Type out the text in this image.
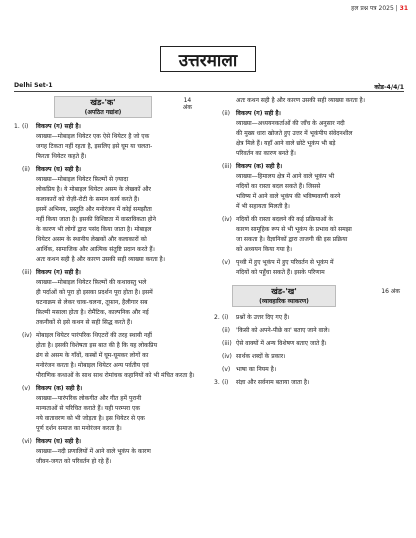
हल प्रश्न पत्र 2025 | 31
उत्तरमाला
Delhi Set-1	कोड-4/4/1
खंड-'क'
(अपठित गद्यांश)
14
अंक
1. (i) विकल्प (ग) सही है।
व्याख्या—मोबाइल थियेटर एक ऐसे थियेटर है जो एक
जगह टिकता नहीं रहता है, इसलिए इसे घूम या चलता-
फिरता थियेटर कहते हैं।
(ii) विकल्प (घ) सही है।
व्याख्या—मोबाइल थियेटर फ़िल्मों से ज़्यादा
लोकप्रिय है। ये मोबाइल थियेटर असम के लेखकों और
कलाकारों को रोज़ी-रोटी के समान कार्य करते हैं।
इसमें अभिनय, प्रस्तुति और मनोरंजन में कोई समझौता
नहीं किया जाता है। इसकी विशिष्टता में वास्तविकता होने
के कारण भी लोगों द्वारा पसंद किया जाता है। मोबाइल
थियेटर असम के स्थानीय लेखकों और कलाकारों को
आर्थिक, सामाजिक और आत्मिक संतुष्टि प्रदान करते हैं।
अतः कथन सही है और कारण उसकी सही व्याख्या करता है।
(iii) विकल्प (ग) सही है।
व्याख्या—मोबाइल थियेटर फ़िल्मों की कथावस्तु भले
ही पर्दाओं को पूरा हो इसका प्रदर्शन पूरा होता है। इसमें
घटनाक्रम से लेकर चाक-चलना, तूफ़ान, हैलीगार सब
फ़िल्मी मसाला होता है। रोमैंटिक, काल्पनिक और नई
तकनीकों से इसे कथन से सही सिद्ध करते हैं।
(iv) मोबाइल थियेटर पारंपरिक थिएटरों की तरह स्थायी नहीं
होता है। इसकी विशेषता इस बात की है कि यह लोकप्रिय
ढंग से असम के गाँवों, कस्बों में घूम-घूमकर लोगों का
मनोरंजन करता है। मोबाइल थियेटर अन्य पर्वतीय एवं
पौराणिक कथाओं के साथ साथ रोमांचक कहानियों को भी मंचित करता है।
(v) विकल्प (क) सही है।
व्याख्या—पारंपरिक लोकगीत और गीत हमें पुरानी
मान्यताओं से परिचित कराते हैं। यही परम्परा एक
नये वातावरण को भी जोड़ता है। इस थियेटर से एक
पूर्ण दर्शन समाज का मनोरंजन करता है।
(vi) विकल्प (घ) सही है।
व्याख्या—नदी प्रणालियों में आने वाले भूकंप के कारण
जीवन-जगत को परिवर्तन हो रहे हैं।
अतः कथन सही है और कारण उसकी सही व्याख्या करता है।
(ii) विकल्प (ग) सही है।
व्याख्या—अध्ययनकर्ताओं की जाँच के अनुसार नदी
की मुख्य धारा खोजते हुए उत्तर में भूकंपीय संवेदनशील
क्षेत्र मिले हैं। यहाँ आने वाले छोटे भूकंप भी बड़े
परिवर्तन का कारण बनते हैं।
(iii) विकल्प (क) सही है।
व्याख्या—हिमालय क्षेत्र में आने वाले भूकंप भी
नदियों का रास्ता बदल सकते हैं। जिससे
भविष्य में आने वाले भूकंप की भविष्यवाणी करने
में भी सहायता मिलती है।
(iv) नदियों की रास्ता बदलने की कई प्रक्रियाओं के
कारण सामूहिक रूप से भी भूकंप के प्रभाव को समझा
जा सकता है। वैज्ञानिकों द्वारा ताजगी की इस प्रक्रिया
को अध्ययन किया गया है।
(v) पृथ्वी में हुए भूकंप में हुए परिवर्तन से भूकंप में
नदियों को पहुँचा सकते हैं। इसके परिणाम
खंड-'ख'
(व्यावहारिक व्याकरण)
16 अंक
2. (i) प्रश्नों के उत्तर दिए गए हैं।
(ii) 'किसी को अपने-पीछे का' बताए जाने वाले।
(iii) ऐसे वाक्यों में अन्य विशेषण बताए जाते हैं।
(iv) सार्थक शब्दों के प्रकार।
(v) भाषा का नियम है।
3. (i) संज्ञा और सर्वनाम बताया जाता है।
